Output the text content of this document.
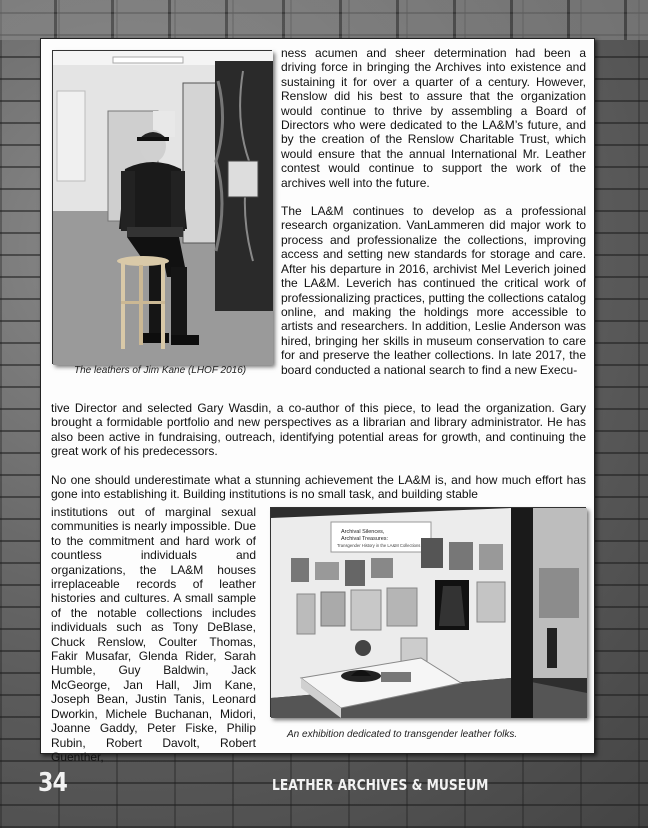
The leathers of Jim Kane (LHOF 2016)

ness acumen and sheer determination had been a driving force in bringing the Archives into existence and sustaining it for over a quarter of a century. However, Renslow did his best to assure that the organization would continue to thrive by assembling a Board of Directors who were dedicated to the LA&M’s future, and by the creation of the Renslow Charitable Trust, which would ensure that the annual International Mr. Leather contest would continue to support the work of the archives well into the future.

The LA&M continues to develop as a professional research organization. VanLammeren did major work to process and professionalize the collections, improving access and setting new standards for storage and care. After his departure in 2016, archivist Mel Leverich joined the LA&M. Leverich has continued the critical work of professionalizing practices, putting the collections catalog online, and making the holdings more accessible to artists and researchers. In addition, Leslie Anderson was hired, bringing her skills in museum conservation to care for and preserve the leather collections. In late 2017, the board conducted a national search to find a new Execu-

tive Director and selected Gary Wasdin, a co-author of this piece, to lead the organization. Gary brought a formidable portfolio and new perspectives as a librarian and library administrator. He has also been active in fundraising, outreach, identifying potential areas for growth, and continuing the great work of his predecessors.

No one should underestimate what a stunning achievement the LA&M is, and how much effort has gone into establishing it. Building institutions is no small task, and building stable

institutions out of marginal sexual communities is nearly impossible. Due to the commitment and hard work of countless individuals and organizations, the LA&M houses irreplaceable records of leather histories and cultures. A small sample of the notable collections includes individuals such as Tony DeBlase, Chuck Renslow, Coulter Thomas, Fakir Musafar, Glenda Rider, Sarah Humble, Guy Baldwin, Jack McGeorge, Jan Hall, Jim Kane, Joseph Bean, Justin Tanis, Leonard Dworkin, Michele Buchanan, Midori, Joanne Gaddy, Peter Fiske, Philip Rubin, Robert Davolt, Robert Guenther,

Archival Silences,
Archival Treasures:
Transgender History in the LA&M Collections
An exhibition dedicated to transgender leather folks.
34	LEATHER ARCHIVES & MUSEUM
